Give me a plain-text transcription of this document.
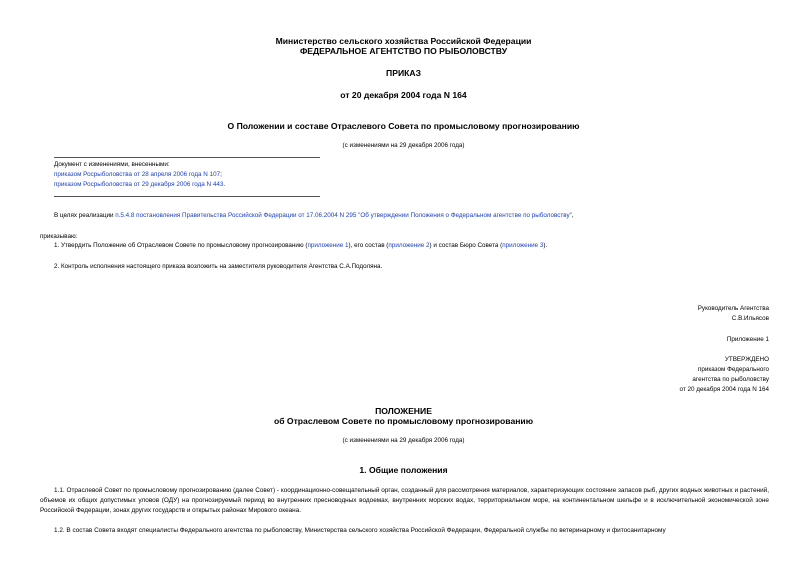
Министерство сельского хозяйства Российской Федерации
ФЕДЕРАЛЬНОЕ АГЕНТСТВО ПО РЫБОЛОВСТВУ
ПРИКАЗ
от 20 декабря 2004 года N 164
О Положении и составе Отраслевого Совета по промысловому прогнозированию
(с изменениями на 29 декабря 2006 года)
Документ с изменениями, внесенными:
приказом Росрыболовства от 28 апреля 2006 года N 107;
приказом Росрыболовства от 29 декабря 2006 года N 443.
В целях реализации п.5.4.8 постановления Правительства Российской Федерации от 17.06.2004 N 295 "Об утверждении Положения о Федеральном агентстве по рыболовству",
приказываю:
1. Утвердить Положение об Отраслевом Совете по промысловому прогнозированию (приложение 1), его состав (приложение 2) и состав Бюро Совета (приложение 3).
2. Контроль исполнения настоящего приказа возложить на заместителя руководителя Агентства С.А.Подоляна.
Руководитель Агентства
С.В.Ильясов
Приложение 1
УТВЕРЖДЕНО
приказом Федерального
агентства по рыболовству
от 20 декабря 2004 года N 164
ПОЛОЖЕНИЕ
об Отраслевом Совете по промысловому прогнозированию
(с изменениями на 29 декабря 2006 года)
1. Общие положения
1.1. Отраслевой Совет по промысловому прогнозированию (далее Совет) - координационно-совещательный орган, созданный для рассмотрения материалов, характеризующих состояние запасов рыб, других водных животных и растений, объемов их общих допустимых уловов (ОДУ) на прогнозируемый период во внутренних пресноводных водоемах, внутренних морских водах, территориальном море, на континентальном шельфе и в исключительной экономической зоне Российской Федерации, зонах других государств и открытых районах Мирового океана.
1.2. В состав Совета входят специалисты Федерального агентства по рыболовству, Министерства сельского хозяйства Российской Федерации, Федеральной службы по ветеринарному и фитосанитарному
